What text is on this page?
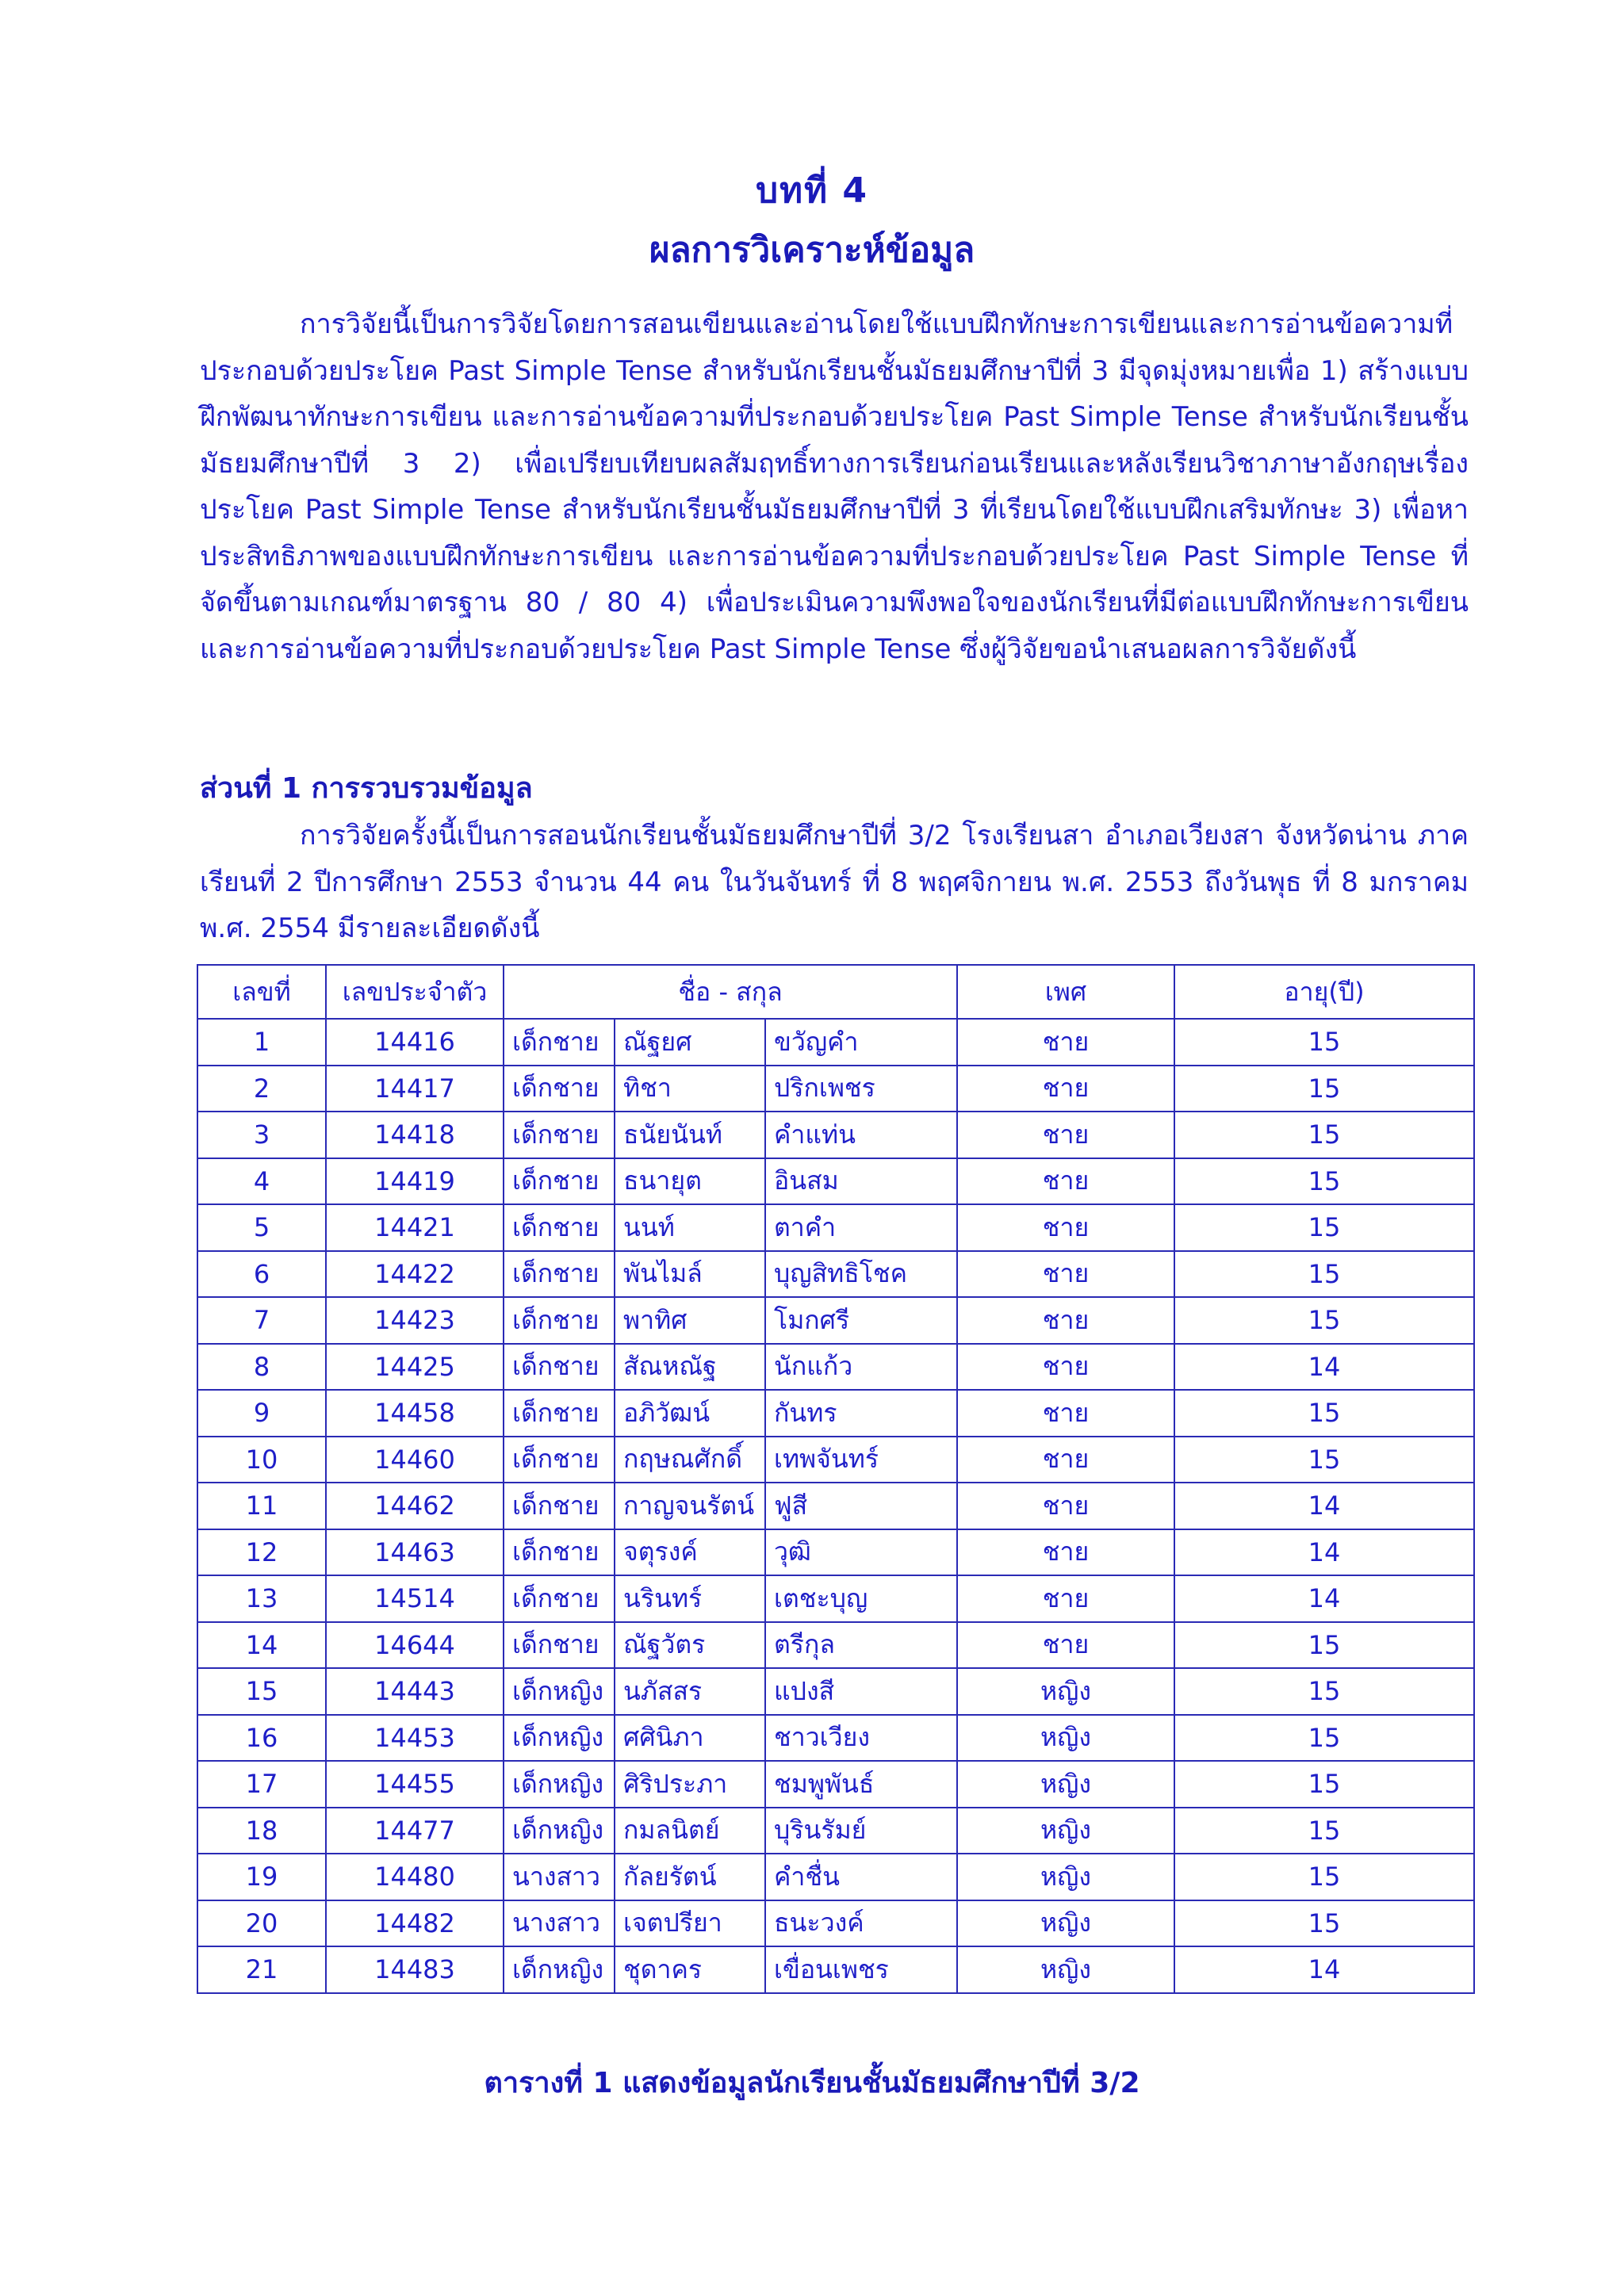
บทที่ 4
ผลการวิเคราะห์ข้อมูล
การวิจัยนี้เป็นการวิจัยโดยการสอนเขียนและอ่านโดยใช้แบบฝึกทักษะการเขียนและการอ่านข้อความที่ประกอบด้วยประโยค Past Simple Tense สำหรับนักเรียนชั้นมัธยมศึกษาปีที่ 3 มีจุดมุ่งหมายเพื่อ 1) สร้างแบบฝึกพัฒนาทักษะการเขียน และการอ่านข้อความที่ประกอบด้วยประโยค Past Simple Tense สำหรับนักเรียนชั้นมัธยมศึกษาปีที่ 3 2) เพื่อเปรียบเทียบผลสัมฤทธิ์ทางการเรียนก่อนเรียนและหลังเรียนวิชาภาษาอังกฤษเรื่องประโยค Past Simple Tense สำหรับนักเรียนชั้นมัธยมศึกษาปีที่ 3 ที่เรียนโดยใช้แบบฝึกเสริมทักษะ 3) เพื่อหาประสิทธิภาพของแบบฝึกทักษะการเขียน และการอ่านข้อความที่ประกอบด้วยประโยค Past Simple Tense ที่จัดขึ้นตามเกณฑ์มาตรฐาน 80 / 80 4) เพื่อประเมินความพึงพอใจของนักเรียนที่มีต่อแบบฝึกทักษะการเขียน และการอ่านข้อความที่ประกอบด้วยประโยค Past Simple Tense ซึ่งผู้วิจัยขอนำเสนอผลการวิจัยดังนี้
ส่วนที่ 1 การรวบรวมข้อมูล
การวิจัยครั้งนี้เป็นการสอนนักเรียนชั้นมัธยมศึกษาปีที่ 3/2 โรงเรียนสา อำเภอเวียงสา จังหวัดน่าน ภาคเรียนที่ 2 ปีการศึกษา 2553 จำนวน 44 คน ในวันจันทร์ ที่ 8 พฤศจิกายน พ.ศ. 2553 ถึงวันพุธ ที่ 8 มกราคม พ.ศ. 2554 มีรายละเอียดดังนี้
เลขที่	เลขประจำตัว	ชื่อ - สกุล			เพศ	อายุ(ปี)
1	14416	เด็กชาย	ณัฐยศ	ขวัญคำ	ชาย	15
2	14417	เด็กชาย	ทิชา	ปริกเพชร	ชาย	15
3	14418	เด็กชาย	ธนัยนันท์	คำแท่น	ชาย	15
4	14419	เด็กชาย	ธนายุต	อินสม	ชาย	15
5	14421	เด็กชาย	นนท์	ตาคำ	ชาย	15
6	14422	เด็กชาย	พันไมล์	บุญสิทธิโชค	ชาย	15
7	14423	เด็กชาย	พาทิศ	โมกศรี	ชาย	15
8	14425	เด็กชาย	สัณหณัฐ	นักแก้ว	ชาย	14
9	14458	เด็กชาย	อภิวัฒน์	กันทร	ชาย	15
10	14460	เด็กชาย	กฤษณศักดิ์	เทพจันทร์	ชาย	15
11	14462	เด็กชาย	กาญจนรัตน์	ฟูสี	ชาย	14
12	14463	เด็กชาย	จตุรงค์	วุฒิ	ชาย	14
13	14514	เด็กชาย	นรินทร์	เตชะบุญ	ชาย	14
14	14644	เด็กชาย	ณัฐวัตร	ตรีกุล	ชาย	15
15	14443	เด็กหญิง	นภัสสร	แปงสี	หญิง	15
16	14453	เด็กหญิง	ศศินิภา	ชาวเวียง	หญิง	15
17	14455	เด็กหญิง	ศิริประภา	ชมพูพันธ์	หญิง	15
18	14477	เด็กหญิง	กมลนิตย์	บุรินรัมย์	หญิง	15
19	14480	นางสาว	กัลยรัตน์	คำชื่น	หญิง	15
20	14482	นางสาว	เจตปรียา	ธนะวงค์	หญิง	15
21	14483	เด็กหญิง	ชุดาคร	เขื่อนเพชร	หญิง	14
ตารางที่ 1 แสดงข้อมูลนักเรียนชั้นมัธยมศึกษาปีที่ 3/2
